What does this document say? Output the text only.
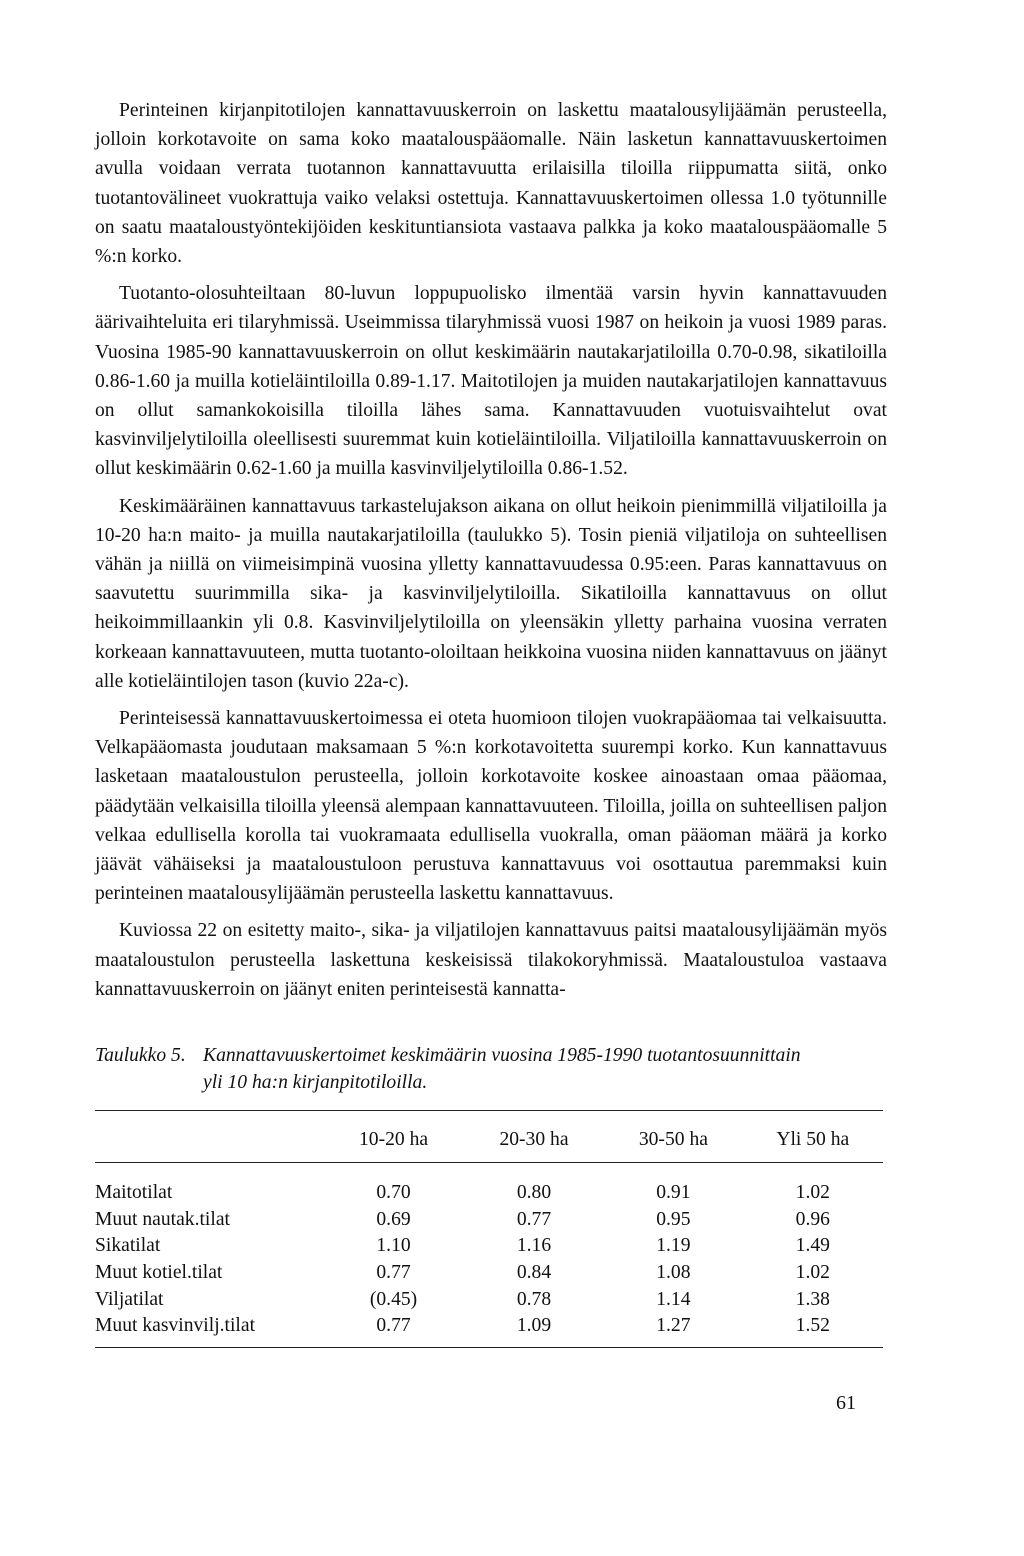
Perinteinen kirjanpitotilojen kannattavuuskerroin on laskettu maatalousylijäämän perusteella, jolloin korkotavoite on sama koko maatalouspääomalle. Näin lasketun kannattavuuskertoimen avulla voidaan verrata tuotannon kannattavuutta erilaisilla tiloilla riippumatta siitä, onko tuotantovälineet vuokrattuja vaiko velaksi ostettuja. Kannattavuuskertoimen ollessa 1.0 työtunnille on saatu maataloustyöntekijöiden keskituntiansiota vastaava palkka ja koko maatalouspääomalle 5 %:n korko.

Tuotanto-olosuhteiltaan 80-luvun loppupuolisko ilmentää varsin hyvin kannattavuuden äärivaihteluita eri tilaryhmissä. Useimmissa tilaryhmissä vuosi 1987 on heikoin ja vuosi 1989 paras. Vuosina 1985-90 kannattavuuskerroin on ollut keskimäärin nautakarjatiloilla 0.70-0.98, sikatiloilla 0.86-1.60 ja muilla kotieläintiloilla 0.89-1.17. Maitotilojen ja muiden nautakarjatilojen kannattavuus on ollut samankokoisilla tiloilla lähes sama. Kannattavuuden vuotuisvaihtelut ovat kasvinviljelytiloilla oleellisesti suuremmat kuin kotieläintiloilla. Viljatiloilla kannattavuuskerroin on ollut keskimäärin 0.62-1.60 ja muilla kasvinviljelytiloilla 0.86-1.52.

Keskimääräinen kannattavuus tarkastelujakson aikana on ollut heikoin pienimmillä viljatiloilla ja 10-20 ha:n maito- ja muilla nautakarjatiloilla (taulukko 5). Tosin pieniä viljatiloja on suhteellisen vähän ja niillä on viimeisimpinä vuosina ylletty kannattavuudessa 0.95:een. Paras kannattavuus on saavutettu suurimmilla sika- ja kasvinviljelytiloilla. Sikatiloilla kannattavuus on ollut heikoimmillaankin yli 0.8. Kasvinviljelytiloilla on yleensäkin ylletty parhaina vuosina verraten korkeaan kannattavuuteen, mutta tuotanto-oloiltaan heikkoina vuosina niiden kannattavuus on jäänyt alle kotieläintilojen tason (kuvio 22a-c).

Perinteisessä kannattavuuskertoimessa ei oteta huomioon tilojen vuokrapääomaa tai velkaisuutta. Velkapääomasta joudutaan maksamaan 5 %:n korkotavoitetta suurempi korko. Kun kannattavuus lasketaan maataloustulon perusteella, jolloin korkotavoite koskee ainoastaan omaa pääomaa, päädytään velkaisilla tiloilla yleensä alempaan kannattavuuteen. Tiloilla, joilla on suhteellisen paljon velkaa edullisella korolla tai vuokramaata edullisella vuokralla, oman pääoman määrä ja korko jäävät vähäiseksi ja maataloustuloon perustuva kannattavuus voi osottautua paremmaksi kuin perinteinen maatalousylijäämän perusteella laskettu kannattavuus.

Kuviossa 22 on esitetty maito-, sika- ja viljatilojen kannattavuus paitsi maatalousylijäämän myös maataloustulon perusteella laskettuna keskeisissä tilakokoryhmissä. Maataloustuloa vastaava kannattavuuskerroin on jäänyt eniten perinteisestä kannatta-

Taulukko 5. Kannattavuuskertoimet keskimäärin vuosina 1985-1990 tuotantosuunnittain
yli 10 ha:n kirjanpitotiloilla.
	10-20 ha	20-30 ha	30-50 ha	Yli 50 ha

Maitotilat	0.70	0.80	0.91	1.02
Muut nautak.tilat	0.69	0.77	0.95	0.96
Sikatilat	1.10	1.16	1.19	1.49
Muut kotiel.tilat	0.77	0.84	1.08	1.02
Viljatilat	(0.45)	0.78	1.14	1.38
Muut kasvinvilj.tilat	0.77	1.09	1.27	1.52
61
